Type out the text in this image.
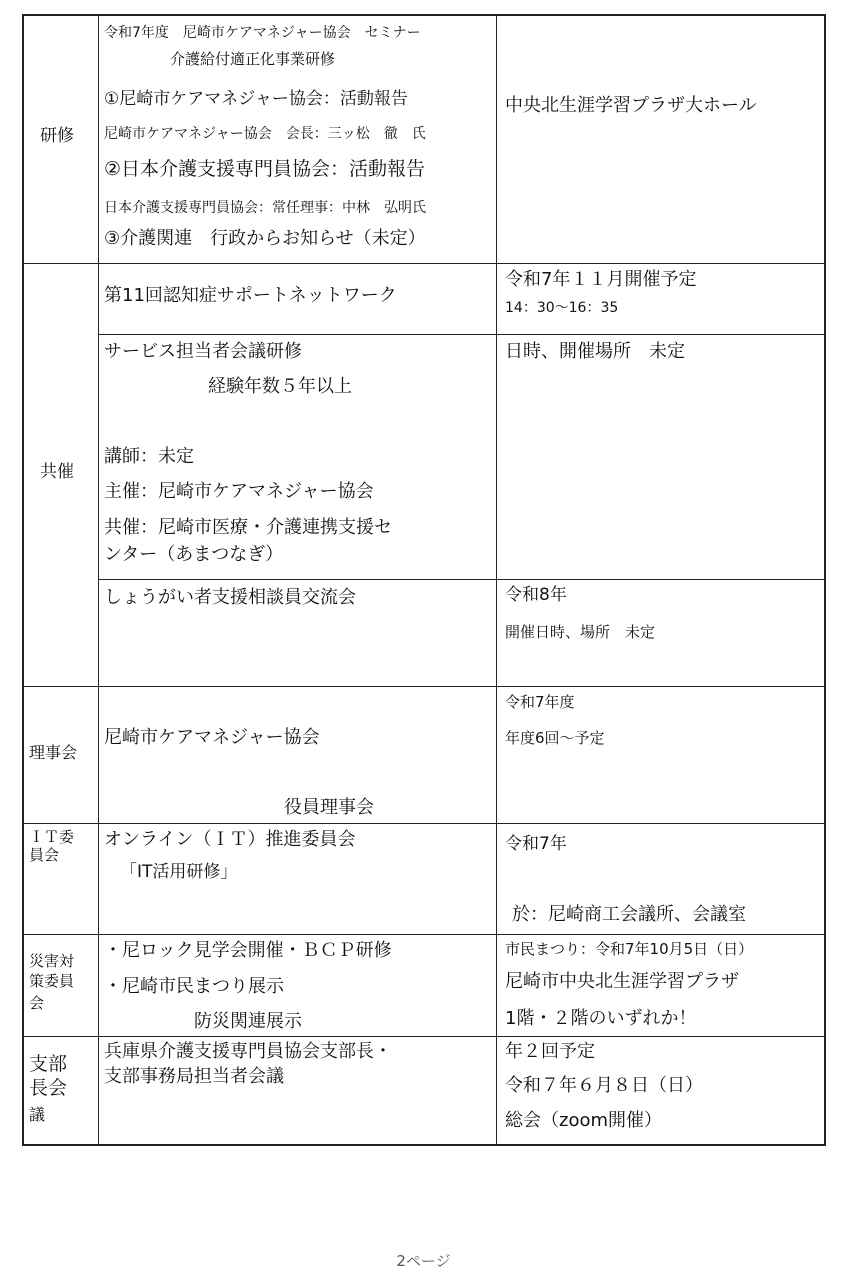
研修
令和7年度　尼崎市ケアマネジャー協会　セミナー
介護給付適正化事業研修
①尼崎市ケアマネジャー協会：活動報告
尼崎市ケアマネジャー協会　会長：三ッ松　徹　氏
②日本介護支援専門員協会：活動報告
日本介護支援専門員協会：常任理事：中林　弘明氏
③介護関連　行政からお知らせ（未定）
中央北生涯学習プラザ大ホール
共催
第11回認知症サポートネットワーク
令和7年１１月開催予定
14：30～16：35
サービス担当者会議研修
経験年数５年以上
講師：未定
主催：尼崎市ケアマネジャー協会
共催：尼崎市医療・介護連携支援セ
ンター（あまつなぎ）
日時、開催場所　未定
しょうがい者支援相談員交流会	令和8年
開催日時、場所　未定
理事会
尼崎市ケアマネジャー協会
役員理事会
令和7年度
年度6回～予定
ＩＴ委
員会
オンライン（ＩＴ）推進委員会
「IT活用研修」
令和7年
於：尼崎商工会議所、会議室
災害対
策委員
会
・尼ロック見学会開催・ＢＣＰ研修
・尼崎市民まつり展示
防災関連展示
市民まつり：令和7年10月5日（日）
尼崎市中央北生涯学習プラザ
1階・２階のいずれか！
支部
長会
議
兵庫県介護支援専門員協会支部長・
支部事務局担当者会議
年２回予定
令和７年６月８日（日）
総会（zoom開催）
2ページ
